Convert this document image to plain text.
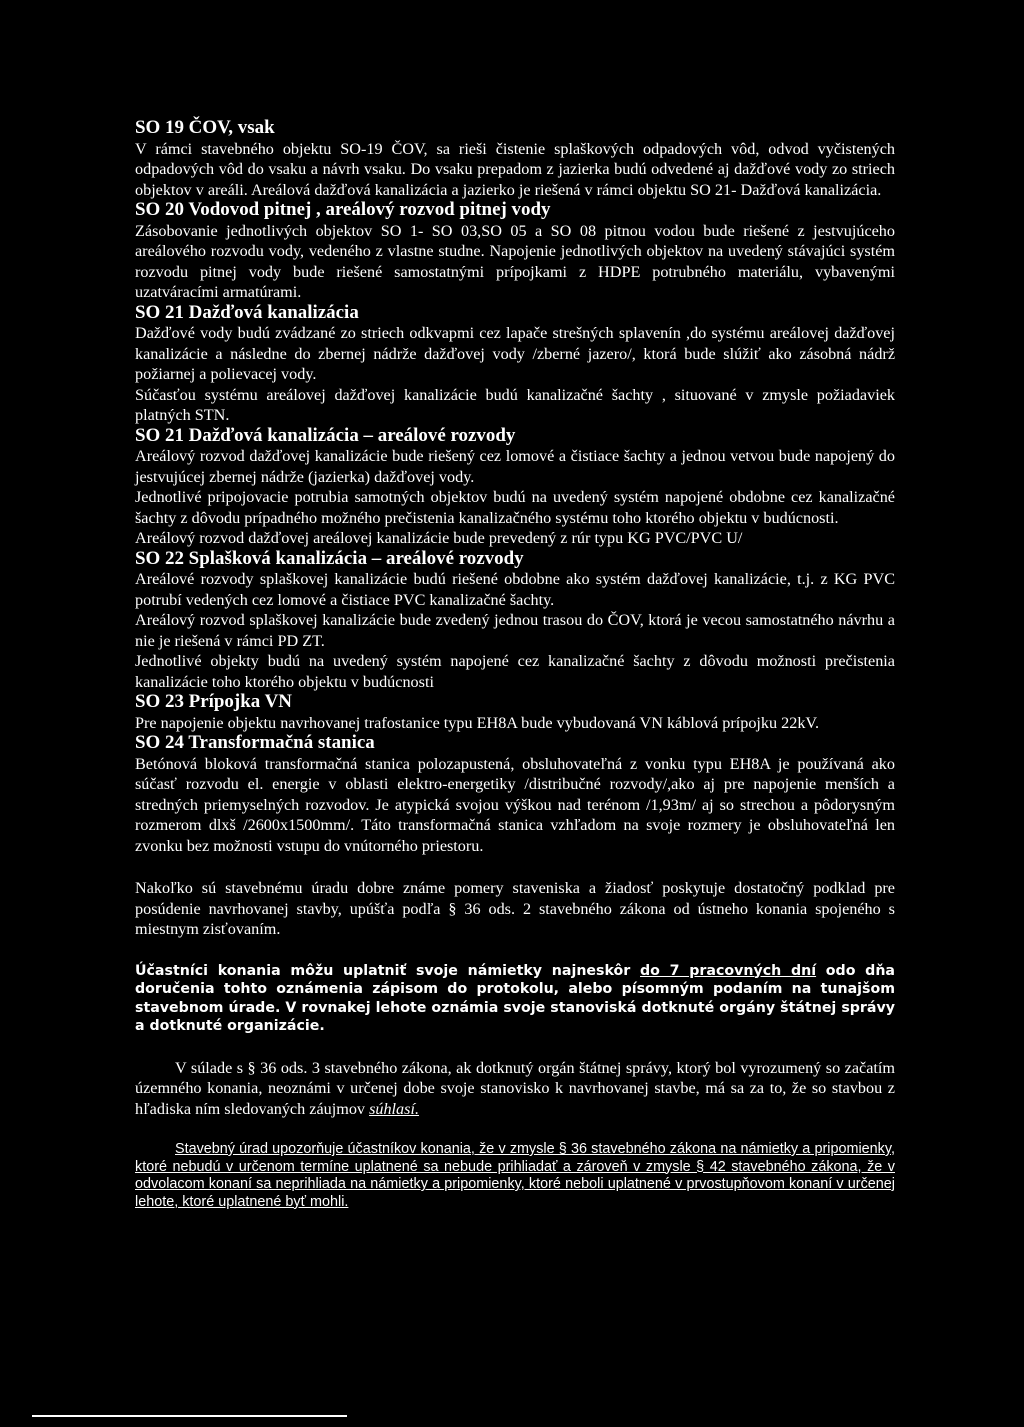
SO 19 ČOV, vsak

V rámci stavebného objektu SO-19 ČOV, sa rieši čistenie splaškových odpadových vôd, odvod vyčistených odpadových vôd do vsaku a návrh vsaku. Do vsaku prepadom z jazierka budú odvedené aj dažďové vody zo striech objektov v areáli. Areálová dažďová kanalizácia a jazierko je riešená v rámci objektu SO 21- Dažďová kanalizácia.

SO 20 Vodovod pitnej , areálový rozvod pitnej vody

Zásobovanie jednotlivých objektov SO 1- SO 03,SO 05 a SO 08 pitnou vodou bude riešené z jestvujúceho areálového rozvodu vody, vedeného z vlastne studne. Napojenie jednotlivých objektov na uvedený stávajúci systém rozvodu pitnej vody bude riešené samostatnými prípojkami z HDPE potrubného materiálu, vybavenými uzatváracími armatúrami.

SO 21 Dažďová kanalizácia

Dažďové vody budú zvádzané zo striech odkvapmi cez lapače strešných splavenín ,do systému areálovej dažďovej kanalizácie a následne do zbernej nádrže dažďovej vody /zberné jazero/, ktorá bude slúžiť ako zásobná nádrž požiarnej a polievacej vody.

Súčasťou systému areálovej dažďovej kanalizácie budú kanalizačné šachty , situované v zmysle požiadaviek platných STN.

SO 21 Dažďová kanalizácia – areálové rozvody

Areálový rozvod dažďovej kanalizácie bude riešený cez lomové a čistiace šachty a jednou vetvou bude napojený do jestvujúcej zbernej nádrže (jazierka) dažďovej vody.

Jednotlivé pripojovacie potrubia samotných objektov budú na uvedený systém napojené obdobne cez kanalizačné šachty z dôvodu prípadného možného prečistenia kanalizačného systému toho ktorého objektu v budúcnosti.

Areálový rozvod dažďovej areálovej kanalizácie bude prevedený z rúr typu KG PVC/PVC U/

SO 22 Splašková kanalizácia – areálové rozvody

Areálové rozvody splaškovej kanalizácie budú riešené obdobne ako systém dažďovej kanalizácie, t.j. z KG PVC potrubí vedených cez lomové a čistiace PVC kanalizačné šachty.

Areálový rozvod splaškovej kanalizácie bude zvedený jednou trasou do ČOV, ktorá je vecou samostatného návrhu a nie je riešená v rámci PD ZT.

Jednotlivé objekty budú na uvedený systém napojené cez kanalizačné šachty z dôvodu možnosti prečistenia kanalizácie toho ktorého objektu v budúcnosti

SO 23 Prípojka VN

Pre napojenie objektu navrhovanej trafostanice typu EH8A bude vybudovaná VN káblová prípojku 22kV.

SO 24 Transformačná stanica

Betónová bloková transformačná stanica polozapustená, obsluhovateľná z vonku typu EH8A je používaná ako súčasť rozvodu el. energie v oblasti elektro-energetiky /distribučné rozvody/,ako aj pre napojenie menších a stredných priemyselných rozvodov. Je atypická svojou výškou nad terénom /1,93m/ aj so strechou a pôdorysným rozmerom dlxš /2600x1500mm/. Táto transformačná stanica vzhľadom na svoje rozmery je obsluhovateľná len zvonku bez možnosti vstupu do vnútorného priestoru.

Nakoľko sú stavebnému úradu dobre známe pomery staveniska a žiadosť poskytuje dostatočný podklad pre posúdenie navrhovanej stavby, upúšťa podľa § 36 ods. 2 stavebného zákona od ústneho konania spojeného s miestnym zisťovaním.

Účastníci konania môžu uplatniť svoje námietky najneskôr do 7 pracovných dní odo dňa doručenia tohto oznámenia zápisom do protokolu, alebo písomným podaním na tunajšom stavebnom úrade. V rovnakej lehote oznámia svoje stanoviská dotknuté orgány štátnej správy a dotknuté organizácie.

V súlade s § 36 ods. 3 stavebného zákona, ak dotknutý orgán štátnej správy, ktorý bol vyrozumený so začatím územného konania, neoznámi v určenej dobe svoje stanovisko k navrhovanej stavbe, má sa za to, že so stavbou z hľadiska ním sledovaných záujmov súhlasí.

Stavebný úrad upozorňuje účastníkov konania, že v zmysle § 36 stavebného zákona na námietky a pripomienky, ktoré nebudú v určenom termíne uplatnené sa nebude prihliadať a zároveň v zmysle § 42 stavebného zákona, že v odvolacom konaní sa neprihliada na námietky a pripomienky, ktoré neboli uplatnené v prvostupňovom konaní v určenej lehote, ktoré uplatnené byť mohli.
